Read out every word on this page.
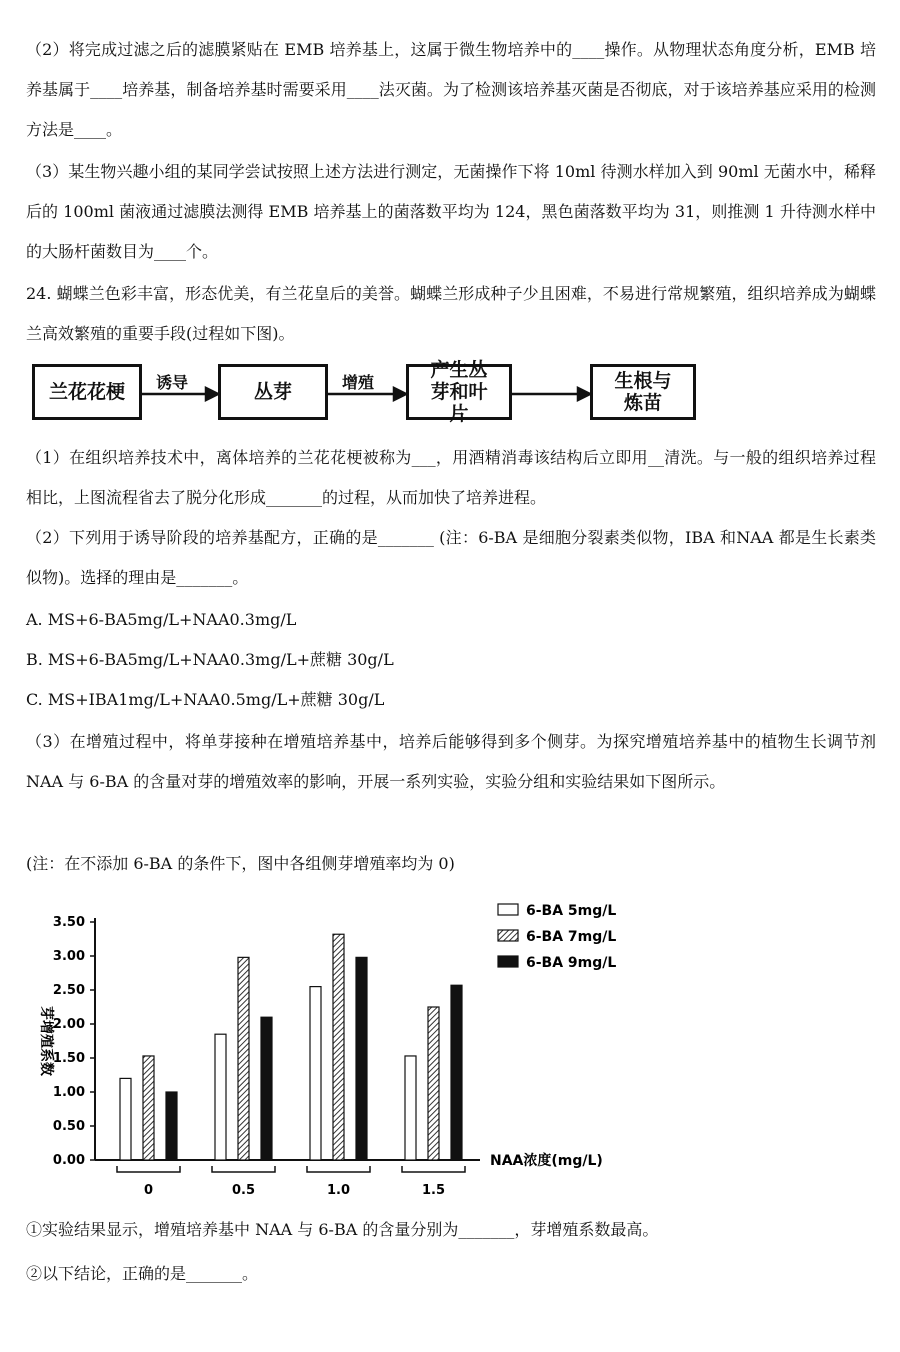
（2）将完成过滤之后的滤膜紧贴在 EMB 培养基上，这属于微生物培养中的____操作。从物理状态角度分析，EMB 培养基属于____培养基，制备培养基时需要采用____法灭菌。为了检测该培养基灭菌是否彻底，对于该培养基应采用的检测方法是____。

（3）某生物兴趣小组的某同学尝试按照上述方法进行测定，无菌操作下将 10ml 待测水样加入到 90ml 无菌水中，稀释后的 100ml 菌液通过滤膜法测得 EMB 培养基上的菌落数平均为 124，黑色菌落数平均为 31，则推测 1 升待测水样中的大肠杆菌数目为____个。

24. 蝴蝶兰色彩丰富，形态优美，有兰花皇后的美誉。蝴蝶兰形成种子少且困难，不易进行常规繁殖，组织培养成为蝴蝶兰高效繁殖的重要手段(过程如下图)。

兰花花梗	诱导	丛芽	增殖
产生丛芽和叶片
生根与炼苗

（1）在组织培养技术中，离体培养的兰花花梗被称为___，用酒精消毒该结构后立即用__清洗。与一般的组织培养过程相比，上图流程省去了脱分化形成_______的过程，从而加快了培养进程。

（2）下列用于诱导阶段的培养基配方，正确的是_______ (注：6-BA 是细胞分裂素类似物，IBA 和NAA 都是生长素类似物)。选择的理由是_______。

A. MS+6-BA5mg/L+NAA0.3mg/L

B. MS+6-BA5mg/L+NAA0.3mg/L+蔗糖 30g/L

C. MS+IBA1mg/L+NAA0.5mg/L+蔗糖 30g/L

（3）在增殖过程中，将单芽接种在增殖培养基中，培养后能够得到多个侧芽。为探究增殖培养基中的植物生长调节剂 NAA 与 6-BA 的含量对芽的增殖效率的影响，开展一系列实验，实验分组和实验结果如下图所示。

(注：在不添加 6-BA 的条件下，图中各组侧芽增殖率均为 0)

0.00
0.50
1.00
1.50
2.00
2.50
3.00
3.50
芽增殖系数
0	0.5	1.0	1.5
NAA浓度(mg/L)
6-BA 5mg/L
6-BA 7mg/L
6-BA 9mg/L

①实验结果显示，增殖培养基中 NAA 与 6-BA 的含量分别为_______，芽增殖系数最高。

②以下结论，正确的是_______。
